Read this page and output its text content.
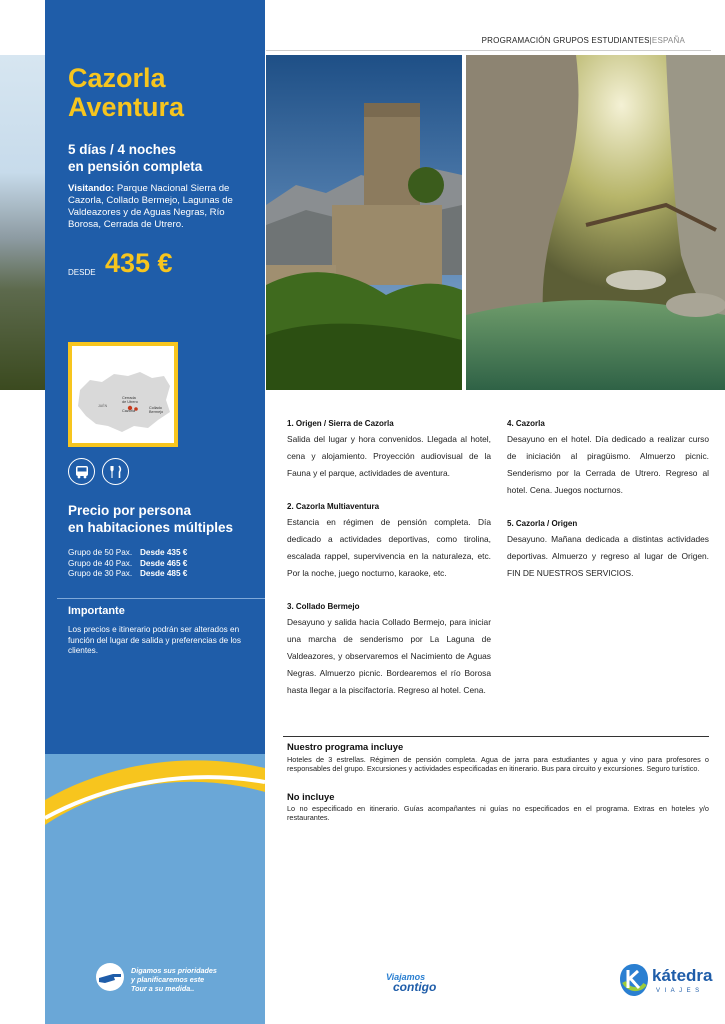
PROGRAMACIÓN GRUPOS ESTUDIANTES|ESPAÑA
Cazorla
Aventura
5 días / 4 noches
en pensión completa
Visitando: Parque Nacional Sierra de Cazorla, Collado Bermejo, Lagunas de Valdeazores y de Aguas Negras, Río Borosa, Cerrada de Utrero.
DESDE 435 €
JAÉN
Cerrada
de Utrero
Cazorla
Collado
Bermejo
Precio por persona
en habitaciones múltiples
Grupo de 50 Pax. Desde 435 €
Grupo de 40 Pax. Desde 465 €
Grupo de 30 Pax. Desde 485 €
Importante
Los precios e itinerario podrán ser alterados en función del lugar de salida y preferencias de los clientes.
Digamos sus prioridades
y planificaremos este
Tour a su medida..
1. Origen / Sierra de Cazorla

Salida del lugar y hora convenidos. Llegada al hotel, cena y alojamiento. Proyección audiovisual de la Fauna y el parque, actividades de aventura.

2. Cazorla Multiaventura

Estancia en régimen de pensión completa. Día dedicado a actividades deportivas, como tirolina, escalada rappel, supervivencia en la naturaleza, etc. Por la noche, juego nocturno, karaoke, etc.

3. Collado Bermejo

Desayuno y salida hacia Collado Bermejo, para iniciar una marcha de senderismo por La Laguna de Valdeazores, y observaremos el Nacimiento de Aguas Negras. Almuerzo picnic. Bordearemos el río Borosa hasta llegar a la piscifactoría. Regreso al hotel. Cena.

4. Cazorla

Desayuno en el hotel. Día dedicado a realizar curso de iniciación al piragüismo. Almuerzo picnic. Senderismo por la Cerrada de Utrero. Regreso al hotel. Cena. Juegos nocturnos.

5. Cazorla / Origen

Desayuno. Mañana dedicada a distintas actividades deportivas. Almuerzo y regreso al lugar de Origen. FIN DE NUESTROS SERVICIOS.

Nuestro programa incluye
Hoteles de 3 estrellas. Régimen de pensión completa. Agua de jarra para estudiantes y agua y vino para profesores o responsables del grupo. Excursiones y actividades especificadas en itinerario. Bus para circuito y excursiones. Seguro turístico.
No incluye
Lo no especificado en itinerario. Guías acompañantes ni guías no especificados en el programa. Extras en hoteles y/o restaurantes.
Viajamos
contigo
kátedra
VIAJES
